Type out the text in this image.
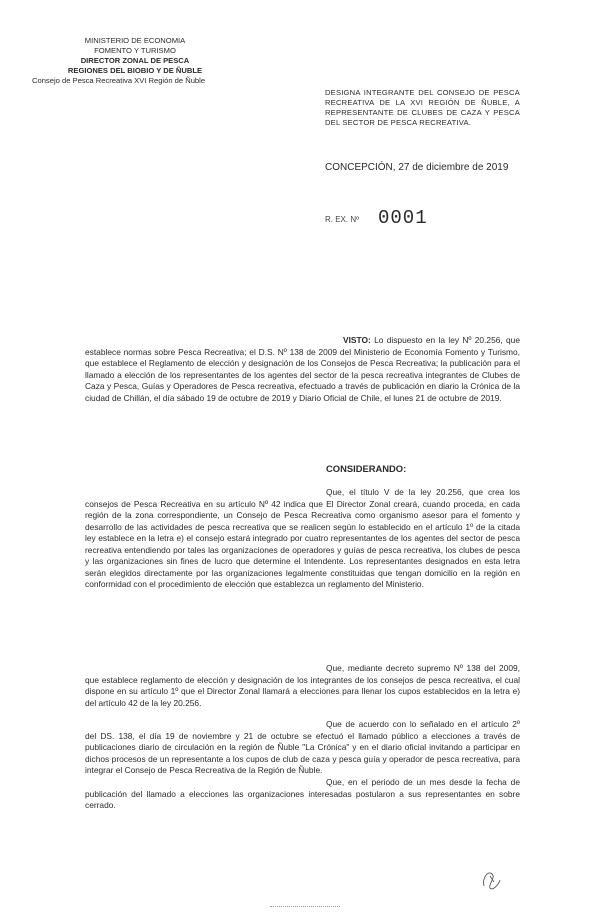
MINISTERIO DE ECONOMIA
FOMENTO Y TURISMO
DIRECTOR ZONAL DE PESCA
REGIONES DEL BIOBIO Y DE ÑUBLE
Consejo de Pesca Recreativa XVI Región de Ñuble
DESIGNA INTEGRANTE DEL CONSEJO DE PESCA RECREATIVA DE LA XVI REGIÓN DE ÑUBLE, A REPRESENTANTE DE CLUBES DE CAZA Y PESCA DEL SECTOR DE PESCA RECREATIVA.
CONCEPCIÓN, 27 de diciembre de 2019
R. EX. Nº 0001
VISTO: Lo dispuesto en la ley Nº 20.256, que establece normas sobre Pesca Recreativa; el D.S. Nº 138 de 2009 del Ministerio de Economía Fomento y Turismo, que establece el Reglamento de elección y designación de los Consejos de Pesca Recreativa; la publicación para el llamado a elección de los representantes de los agentes del sector de la pesca recreativa integrantes de Clubes de Caza y Pesca, Guías y Operadores de Pesca recreativa, efectuado a través de publicación en diario la Crónica de la ciudad de Chillán, el día sábado 19 de octubre de 2019 y Diario Oficial de Chile, el lunes 21 de octubre de 2019.
CONSIDERANDO:
Que, el título V de la ley 20.256, que crea los consejos de Pesca Recreativa en su artículo Nº 42 indica que El Director Zonal creará, cuando proceda, en cada región de la zona correspondiente, un Consejo de Pesca Recreativa como organismo asesor para el fomento y desarrollo de las actividades de pesca recreativa que se realicen según lo establecido en el artículo 1º de la citada ley establece en la letra e) el consejo estará integrado por cuatro representantes de los agentes del sector de pesca recreativa entendiendo por tales las organizaciones de operadores y guías de pesca recreativa, los clubes de pesca y las organizaciones sin fines de lucro que determine el Intendente. Los representantes designados en esta letra serán elegidos directamente por las organizaciones legalmente constituidas que tengan domicilio en la región en conformidad con el procedimiento de elección que establezca un reglamento del Ministerio.
Que, mediante decreto supremo Nº 138 del 2009, que establece reglamento de elección y designación de los integrantes de los consejos de pesca recreativa, el cual dispone en su artículo 1º que el Director Zonal llamará a elecciones para llenar los cupos establecidos en la letra e) del artículo 42 de la ley 20.256.
Que de acuerdo con lo señalado en el artículo 2º del DS. 138, el día 19 de noviembre y 21 de octubre se efectuó el llamado público a elecciones a través de publicaciones diario de circulación en la región de Ñuble "La Crónica" y en el diario oficial invitando a participar en dichos procesos de un representante a los cupos de club de caza y pesca guía y operador de pesca recreativa, para integrar el Consejo de Pesca Recreativa de la Región de Ñuble.
Que, en el periodo de un mes desde la fecha de publicación del llamado a elecciones las organizaciones interesadas postularon a sus representantes en sobre cerrado.
